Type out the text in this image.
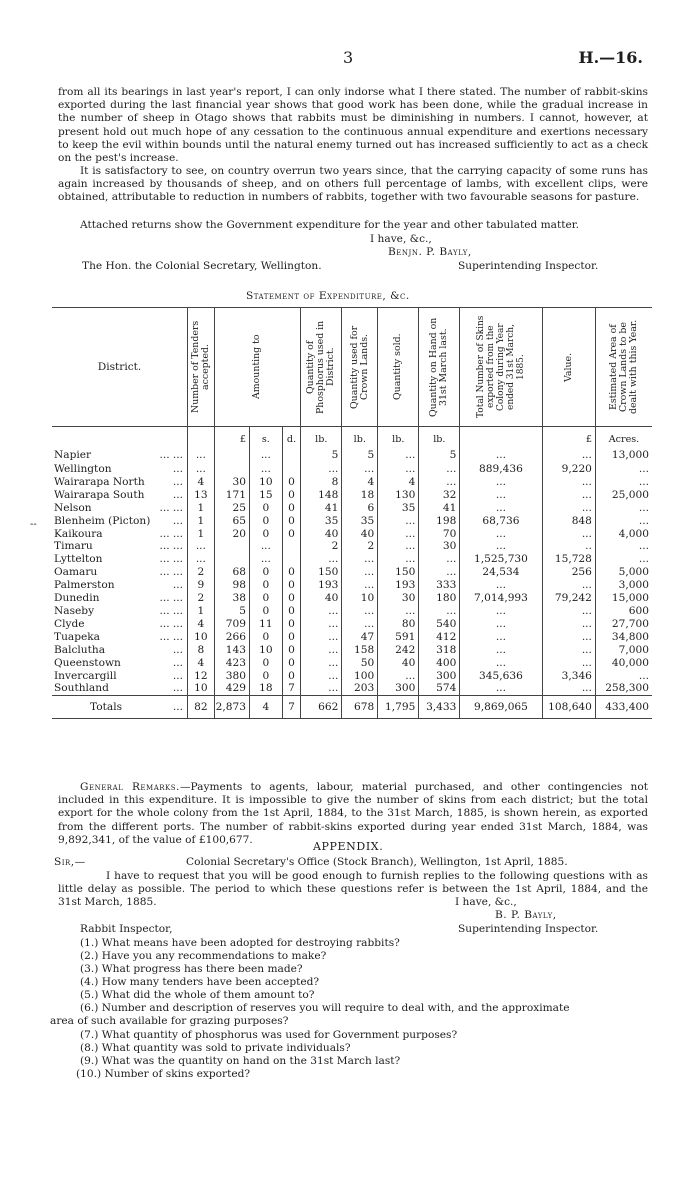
3	H.—16.

from all its bearings in last year's report, I can only indorse what I there stated. The number of rabbit-skins exported during the last financial year shows that good work has been done, while the gradual increase in the number of sheep in Otago shows that rabbits must be diminishing in numbers. I cannot, however, at present hold out much hope of any cessation to the continuous annual expenditure and exertions necessary to keep the evil within bounds until the natural enemy turned out has increased sufficiently to act as a check on the pest's increase.

It is satisfactory to see, on country overrun two years since, that the carrying capacity of some runs has again increased by thousands of sheep, and on others full percentage of lambs, with excellent clips, were obtained, attributable to reduction in numbers of rabbits, together with two favourable seasons for pasture.

Attached returns show the Government expenditure for the year and other tabulated matter.

I have, &c.,
Benjn. P. Bayly,
The Hon. the Colonial Secretary, Wellington.	Superintending Inspector.
Statement of Expenditure, &c.
District.	Number of Tenders accepted.	Amounting to			Quantity of Phosphorus used in District.	Quantity used for Crown Lands.	Quantity sold.	Quantity on Hand on 31st March last.	Total Number of Skins exported from the Colony during Year ended 31st March, 1885.	Value.	Estimated Area of Crown Lands to be dealt with this Year.

		£	s.	d.	lb.	lb.	lb.	lb.		£	Acres.
Napier ... ...	...		...		5	5	...	5	...	...	13,000
Wellington ...	...		...		...	...	...	...	889,436	9,220	...
Wairarapa North ...	4	30	10	0	8	4	4	...	...	...	...
Wairarapa South ...	13	171	15	0	148	18	130	32	...	...	25,000
Nelson ... ...	1	25	0	0	41	6	35	41	...	...	...
Blenheim (Picton) ...	1	65	0	0	35	35	...	198	68,736	848	...
Kaikoura ... ...	1	20	0	0	40	40	...	70	...	...	4,000
Timaru ... ...	...		...		2	2	...	30	...	..	...
Lyttelton ... ...	...		...		...	...	...	...	1,525,730	15,728	...
Oamaru ... ...	2	68	0	0	150	...	150	...	24,534	256	5,000
Palmerston ...	9	98	0	0	193	...	193	333	...	...	3,000
Dunedin ... ...	2	38	0	0	40	10	30	180	7,014,993	79,242	15,000
Naseby ... ...	1	5	0	0	...	...	...	...	...	...	600
Clyde ... ...	4	709	11	0	...	...	80	540	...	...	27,700
Tuapeka ... ...	10	266	0	0	...	47	591	412	...	...	34,800
Balclutha ...	8	143	10	0	...	158	242	318	...	...	7,000
Queenstown ...	4	423	0	0	...	50	40	400	...	...	40,000
Invercargill ...	12	380	0	0	...	100	...	300	345,636	3,346	...
Southland ...	10	429	18	7	...	203	300	574	...	...	258,300
Totals ...	82	2,873	4	7	662	678	1,795	3,433	9,869,065	108,640	433,400
--

General Remarks.—Payments to agents, labour, material purchased, and other contingencies not included in this expenditure. It is impossible to give the number of skins from each district; but the total export for the whole colony from the 1st April, 1884, to the 31st March, 1885, is shown herein, as exported from the different ports. The number of rabbit-skins exported during year ended 31st March, 1884, was 9,892,341, of the value of £100,677.

APPENDIX.
Sir,—	Colonial Secretary's Office (Stock Branch), Wellington, 1st April, 1885.

I have to request that you will be good enough to furnish replies to the following questions with as little delay as possible. The period to which these questions refer is between the 1st April, 1884, and the 31st March, 1885.	I have, &c.,
B. P. Bayly,
Rabbit Inspector,	Superintending Inspector.
(1.) What means have been adopted for destroying rabbits?
(2.) Have you any recommendations to make?
(3.) What progress has there been made?
(4.) How many tenders have been accepted?
(5.) What did the whole of them amount to?
(6.) Number and description of reserves you will require to deal with, and the approximate
area of such available for grazing purposes?
(7.) What quantity of phosphorus was used for Government purposes?
(8.) What quantity was sold to private individuals?
(9.) What was the quantity on hand on the 31st March last?
(10.) Number of skins exported?
